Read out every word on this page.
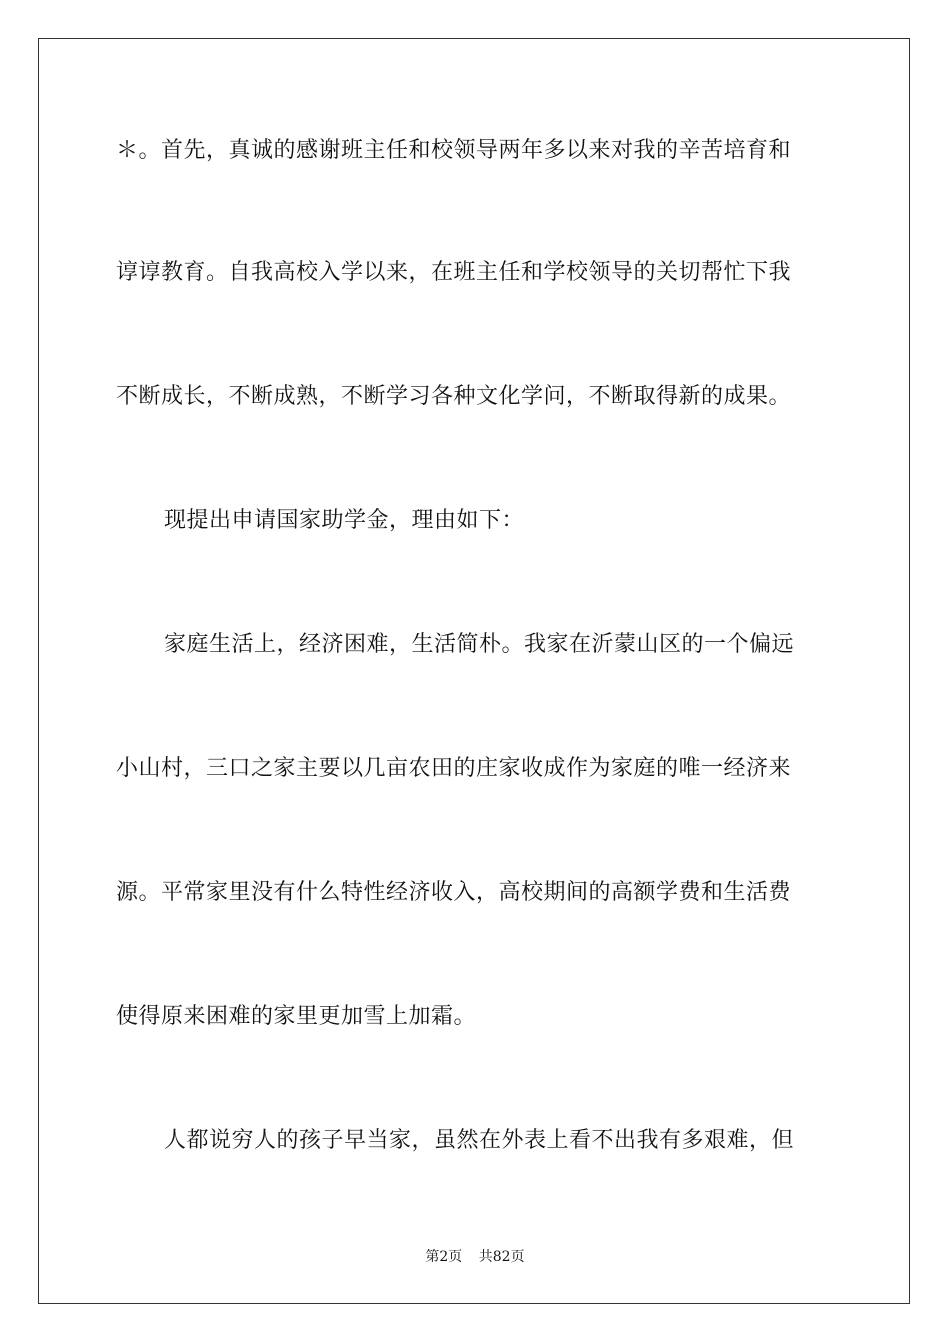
＊。首先，真诚的感谢班主任和校领导两年多以来对我的辛苦培育和
谆谆教育。自我高校入学以来，在班主任和学校领导的关切帮忙下我
不断成长，不断成熟，不断学习各种文化学问，不断取得新的成果。
现提出申请国家助学金，理由如下：
家庭生活上，经济困难，生活简朴。我家在沂蒙山区的一个偏远
小山村，三口之家主要以几亩农田的庄家收成作为家庭的唯一经济来
源。平常家里没有什么特性经济收入，高校期间的高额学费和生活费
使得原来困难的家里更加雪上加霜。
人都说穷人的孩子早当家，虽然在外表上看不出我有多艰难，但
第2页 共82页
